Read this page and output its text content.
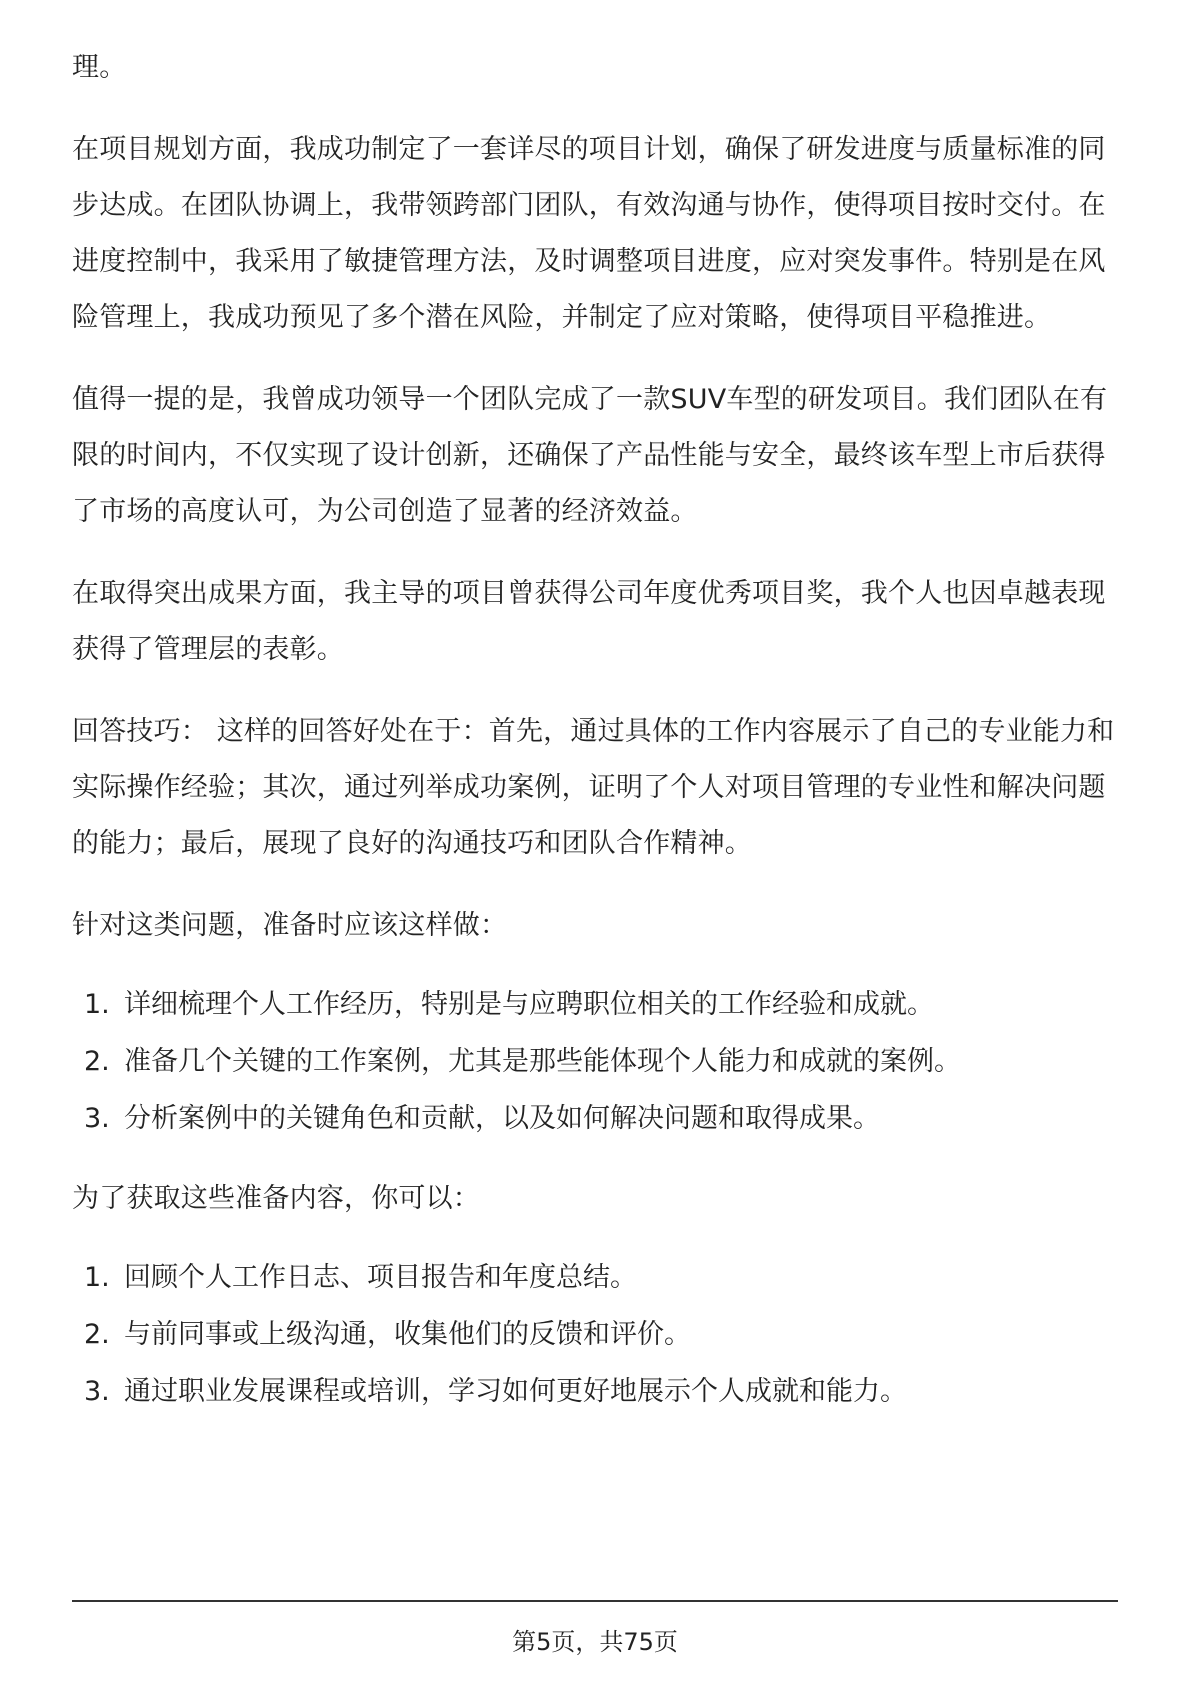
理。

在项目规划方面，我成功制定了一套详尽的项目计划，确保了研发进度与质量标准的同步达成。在团队协调上，我带领跨部门团队，有效沟通与协作，使得项目按时交付。在进度控制中，我采用了敏捷管理方法，及时调整项目进度，应对突发事件。特别是在风险管理上，我成功预见了多个潜在风险，并制定了应对策略，使得项目平稳推进。

值得一提的是，我曾成功领导一个团队完成了一款SUV车型的研发项目。我们团队在有限的时间内，不仅实现了设计创新，还确保了产品性能与安全，最终该车型上市后获得了市场的高度认可，为公司创造了显著的经济效益。

在取得突出成果方面，我主导的项目曾获得公司年度优秀项目奖，我个人也因卓越表现获得了管理层的表彰。

回答技巧： 这样的回答好处在于：首先，通过具体的工作内容展示了自己的专业能力和实际操作经验；其次，通过列举成功案例，证明了个人对项目管理的专业性和解决问题的能力；最后，展现了良好的沟通技巧和团队合作精神。

针对这类问题，准备时应该这样做：

1. 详细梳理个人工作经历，特别是与应聘职位相关的工作经验和成就。
2. 准备几个关键的工作案例，尤其是那些能体现个人能力和成就的案例。
3. 分析案例中的关键角色和贡献，以及如何解决问题和取得成果。

为了获取这些准备内容，你可以：

1. 回顾个人工作日志、项目报告和年度总结。
2. 与前同事或上级沟通，收集他们的反馈和评价。
3. 通过职业发展课程或培训，学习如何更好地展示个人成就和能力。
第5页，共75页
